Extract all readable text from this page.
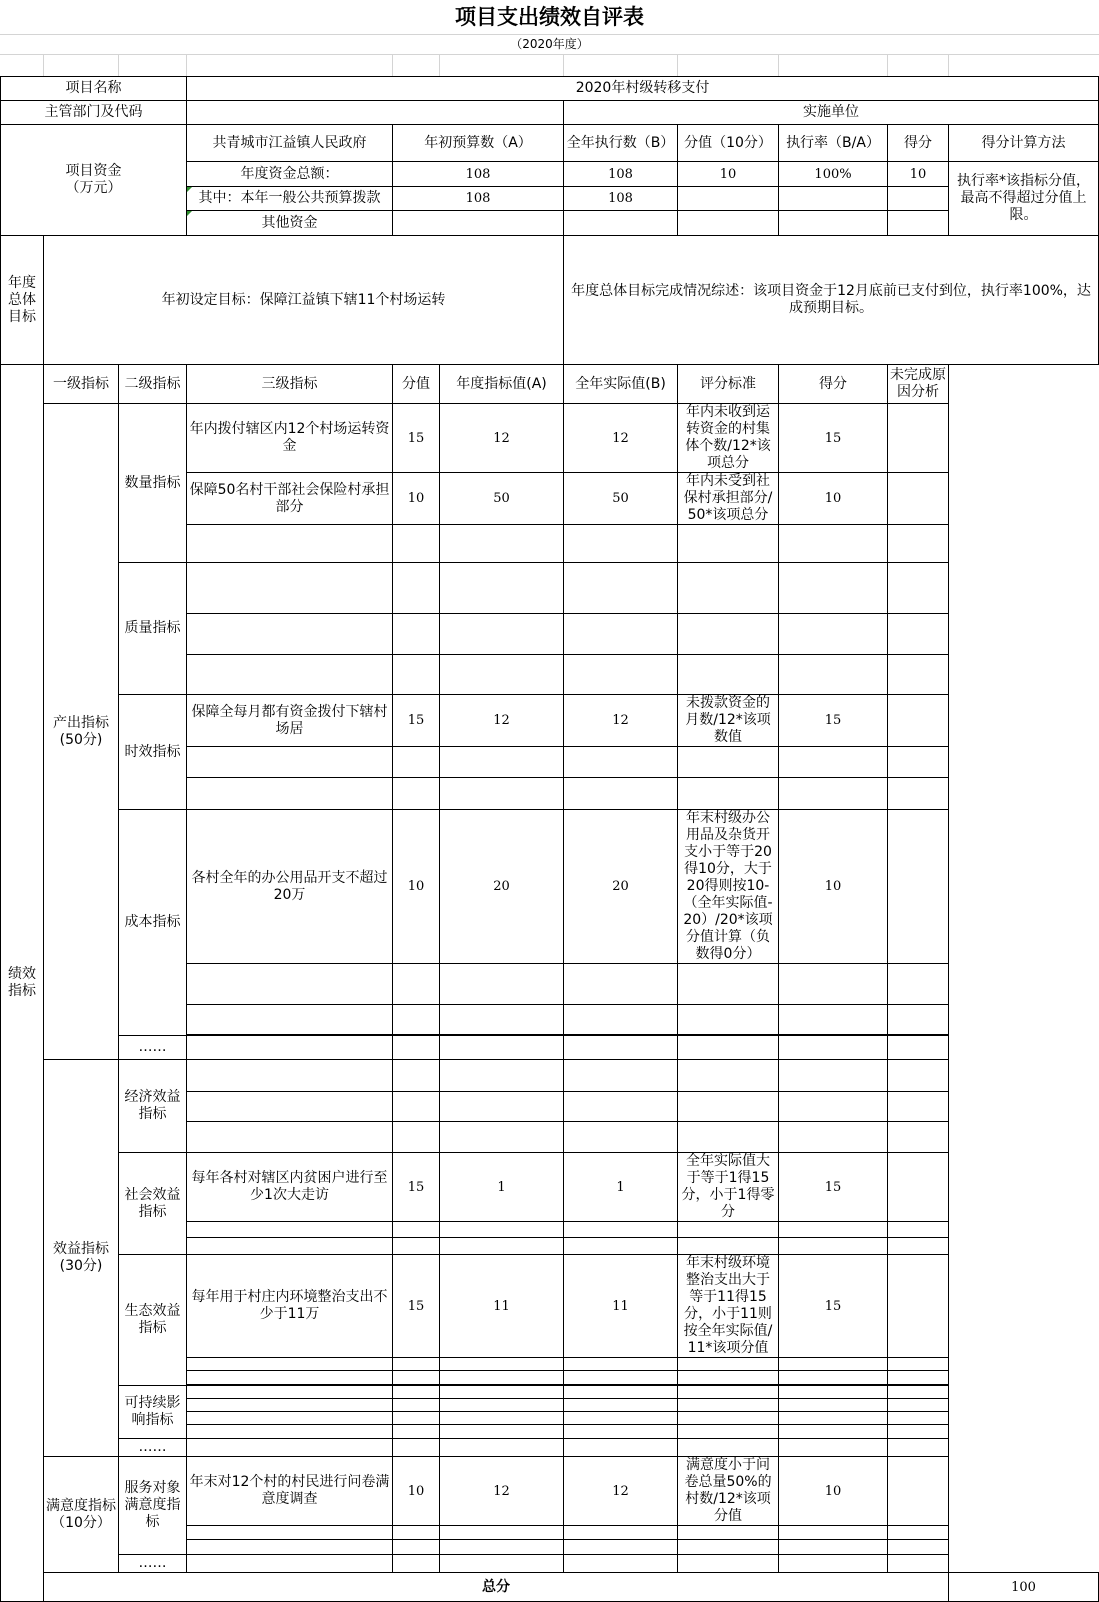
项目支出绩效自评表
（2020年度）
项目名称			2020年村级转移支付							
主管部门及代码						实施单位				
项目资金
（万元）			共青城市江益镇人民政府	年初预算数（A）		全年执行数（B）	分值（10分）	执行率（B/A）	得分	得分计算方法
			年度资金总额：	108		108	10	100%	10	执行率*该指标分值，最高不得超过分值上限。
			其中：本年一般公共预算拨款	108		108				
			其他资金							
年度总体目标	年初设定目标：保障江益镇下辖11个村场运转					年度总体目标完成情况综述：该项目资金于12月底前已支付到位，执行率100%，达成预期目标。				
绩效指标	一级指标	二级指标	三级指标	分值	年度指标值(A)	全年实际值(B)	评分标准	得分	未完成原因分析	
	产出指标(50分)	数量指标	年内拨付辖区内12个村场运转资金	15	12	12	年内未收到运转资金的村集体个数/12*该项总分	15		
			保障50名村干部社会保险村承担部分	10	50	50	年内未受到社保村承担部分/50*该项总分	10		

		质量指标								

		时效指标	保障全每月都有资金拨付下辖村场居	15	12	12	未拨款资金的月数/12*该项数值	15		

		成本指标	各村全年的办公用品开支不超过20万	10	20	20	年末村级办公用品及杂货开支小于等于20得10分，大于20得则按10-（全年实际值-20）/20*该项分值计算（负数得0分）	10		

		……								
	效益指标(30分)	经济效益指标								

		社会效益指标	每年各村对辖区内贫困户进行至少1次大走访	15	1	1	全年实际值大于等于1得15分，小于1得零分	15		

		生态效益指标	每年用于村庄内环境整治支出不少于11万	15	11	11	年末村级环境整治支出大于等于11得15分，小于11则按全年实际值/11*该项分值	15		

		可持续影响指标								

		……								
	满意度指标（10分）	服务对象满意度指标	年末对12个村的村民进行问卷满意度调查	10	12	12	满意度小于问卷总量50%的村数/12*该项分值	10		

		……								
	总分									100
